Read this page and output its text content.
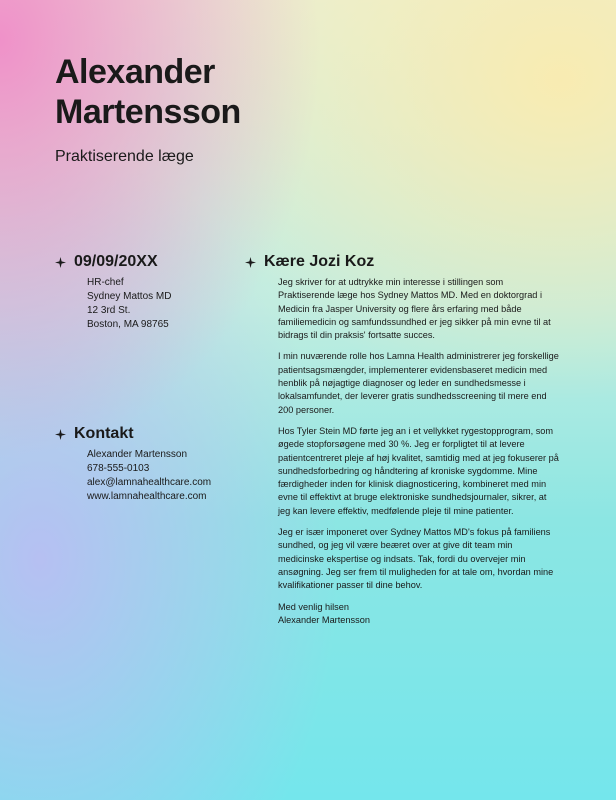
Alexander
Martensson
Praktiserende læge
09/09/20XX
HR-chef
Sydney Mattos MD
12 3rd St.
Boston, MA 98765
Kontakt
Alexander Martensson
678-555-0103
alex@lamnahealthcare.com
www.lamnahealthcare.com
Kære Jozi Koz

Jeg skriver for at udtrykke min interesse i stillingen som Praktiserende læge hos Sydney Mattos MD. Med en doktorgrad i Medicin fra Jasper University og flere års erfaring med både familiemedicin og samfundssundhed er jeg sikker på min evne til at bidrags til din praksis' fortsatte succes.

I min nuværende rolle hos Lamna Health administrerer jeg forskellige patientsagsmængder, implementerer evidensbaseret medicin med henblik på nøjagtige diagnoser og leder en sundhedsmesse i lokalsamfundet, der leverer gratis sundhedsscreening til mere end 200 personer.

Hos Tyler Stein MD førte jeg an i et vellykket rygestopprogram, som øgede stopforsøgene med 30 %. Jeg er forpligtet til at levere patientcentreret pleje af høj kvalitet, samtidig med at jeg fokuserer på sundhedsforbedring og håndtering af kroniske sygdomme. Mine færdigheder inden for klinisk diagnosticering, kombineret med min evne til effektivt at bruge elektroniske sundhedsjournaler, sikrer, at jeg kan levere effektiv, medfølende pleje til mine patienter.

Jeg er især imponeret over Sydney Mattos MD's fokus på familiens sundhed, og jeg vil være beæret over at give dit team min medicinske ekspertise og indsats. Tak, fordi du overvejer min ansøgning. Jeg ser frem til muligheden for at tale om, hvordan mine kvalifikationer passer til dine behov.

Med venlig hilsen
Alexander Martensson
